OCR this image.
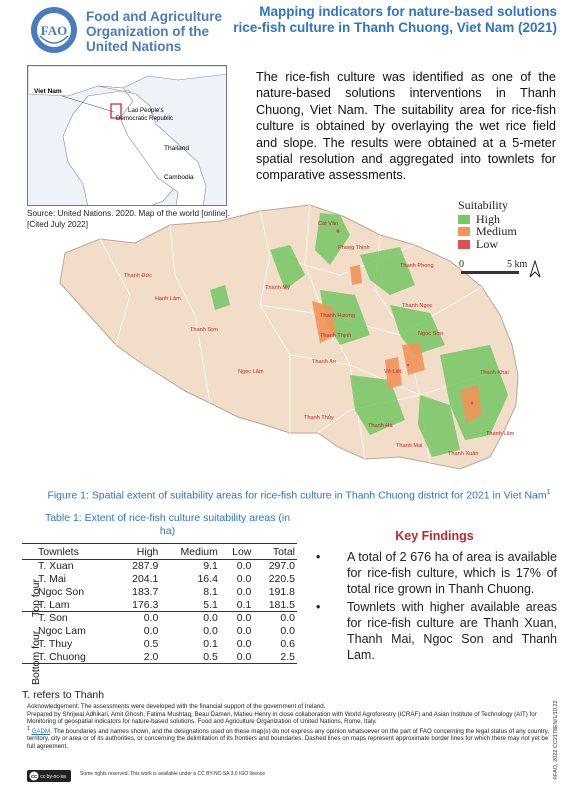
FAO
Food and Agriculture Organization of the United Nations
Mapping indicators for nature-based solutions rice-fish culture in Thanh Chuong, Viet Nam (2021)
Viet Nam
Lao People's
Democratic Republic
Thailand
Cambodia
Source: United Nations. 2020. Map of the world [online]. [Cited July 2022]
The rice-fish culture was identified as one of the nature-based solutions interventions in Thanh Chuong, Viet Nam. The suitability area for rice-fish culture is obtained by overlaying the wet rice field and slope. The results were obtained at a 5-meter spatial resolution and aggregated into townlets for comparative assessments.
Cát Văn
Phong Thịnh
Thanh Phong
Thanh Đức
Thanh Mỹ
Hạnh Lâm
Thanh Ngọc
Thanh Hương
Thanh Sơn
Thanh Thịnh	Ngọc Sơn
Thanh An
Võ Liệt
Ngọc Lâm	Thanh Khai
Thanh Thủy
Thanh Hà
Thanh Lâm
Thanh Mai
Thanh Xuân
Suitability
High
Medium
Low
0	5 km
Figure 1: Spatial extent of suitability areas for rice-fish culture in Thanh Chuong district for 2021 in Viet Nam$^1$
Table 1: Extent of rice-fish culture suitability areas (in ha)
Townlets	High	Medium	Low	Total
T. Xuan	287.9	9.1	0.0	297.0
T. Mai	204.1	16.4	0.0	220.5
Ngoc Son	183.7	8.1	0.0	191.8
T. Lam	176.3	5.1	0.1	181.5
T. Son	0.0	0.0	0.0	0.0
Ngoc Lam	0.0	0.0	0.0	0.0
T. Thuy	0.5	0.1	0.0	0.6
T. Chuong	2.0	0.5	0.0	2.5
Top four
Bottom four
T. refers to Thanh
Key Findings
• A total of 2 676 ha of area is available for rice-fish culture, which is 17% of total rice grown in Thanh Chuong.
• Townlets with higher available areas for rice-fish culture are Thanh Xuan, Thanh Mai, Ngoc Son and Thanh Lam.
Acknowledgement: The assessments were developed with the financial support of the government of Ireland.
Prepared by Shrijwal Adhikari, Amit Ghosh, Fatima Mushtaq, Beau Damen, Matieu Henry in close collaboration with World Agroforestry (ICRAF) and Asian Institute of Technology (AIT) for Monitoring of geospatial indicators for nature-based solutions. Food and Agriculture Organization of United Nations, Rome, Italy.
$^1$ GADM. The boundaries and names shown, and the designations used on these map(s) do not express any opinion whatsoever on the part of FAO concerning the legal status of any country, territory, city or area or of its authorities, or concerning the delimitation of its frontiers and boundaries. Dashed lines on maps represent approximate border lines for which there may not yet be full agreement.
cc cc by-nc-sa
Some rights reserved. This work is available under a CC BY-NC-SA 3.0 IGO licence	©FAO, 2022 CC2178EN/1/10.22
